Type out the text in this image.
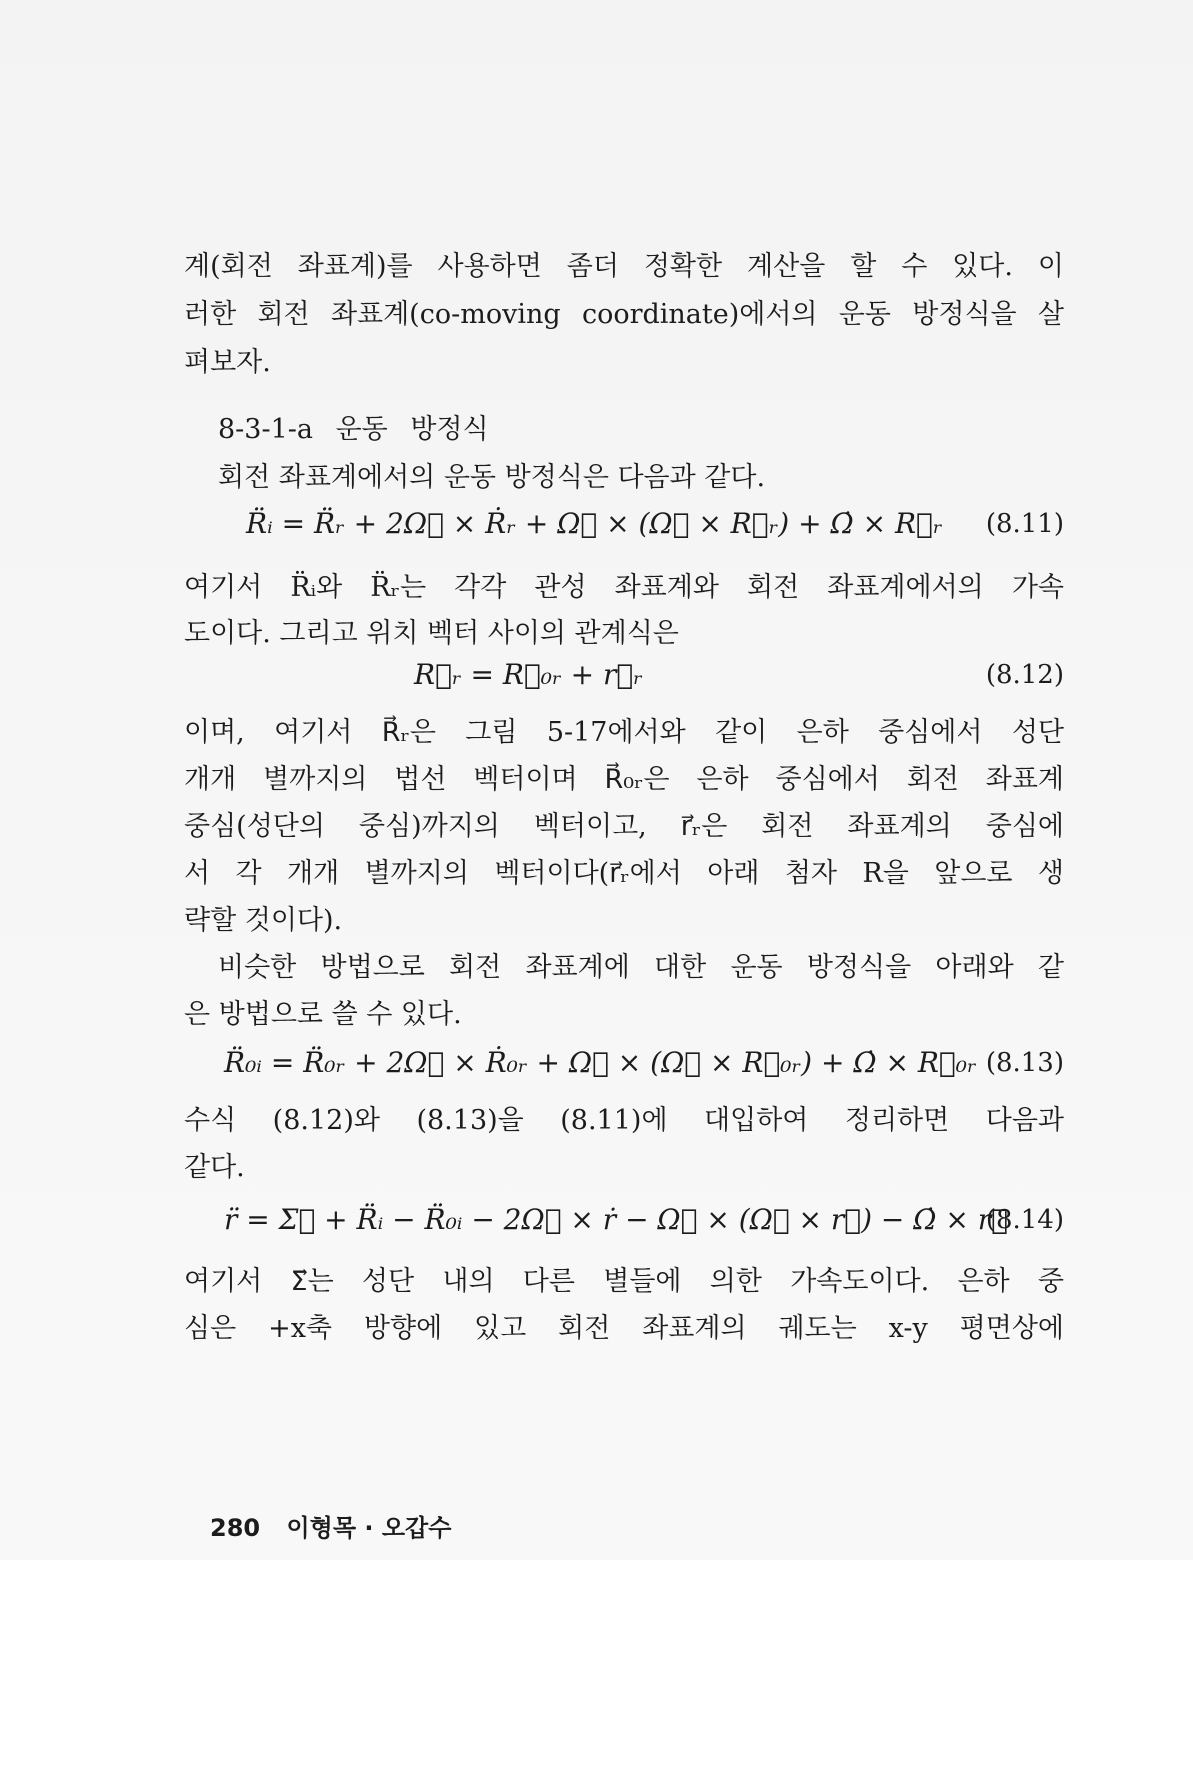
계(회전 좌표계)를 사용하면 좀더 정확한 계산을 할 수 있다. 이
러한 회전 좌표계(co-moving coordinate)에서의 운동 방정식을 살
펴보자.
8-3-1-a 운동 방정식
회전 좌표계에서의 운동 방정식은 다음과 같다.
R̈ᵢ = R̈ᵣ + 2Ω⃗ × Ṙᵣ + Ω⃗ × (Ω⃗ × R⃗ᵣ) + Ω̇ × R⃗ᵣ (8.11)
여기서 R̈ᵢ와 R̈ᵣ는 각각 관성 좌표계와 회전 좌표계에서의 가속
도이다. 그리고 위치 벡터 사이의 관계식은
R⃗ᵣ = R⃗₀ᵣ + r⃗ᵣ	(8.12)
이며, 여기서 R⃗ᵣ은 그림 5-17에서와 같이 은하 중심에서 성단
개개 별까지의 법선 벡터이며 R⃗₀ᵣ은 은하 중심에서 회전 좌표계
중심(성단의 중심)까지의 벡터이고, r⃗ᵣ은 회전 좌표계의 중심에
서 각 개개 별까지의 벡터이다(r⃗ᵣ에서 아래 첨자 R을 앞으로 생
략할 것이다).
비슷한 방법으로 회전 좌표계에 대한 운동 방정식을 아래와 같
은 방법으로 쓸 수 있다.
R̈₀ᵢ = R̈₀ᵣ + 2Ω⃗ × Ṙ₀ᵣ + Ω⃗ × (Ω⃗ × R⃗₀ᵣ) + Ω̇ × R⃗₀ᵣ (8.13)
수식 (8.12)와 (8.13)을 (8.11)에 대입하여 정리하면 다음과
같다.
r̈ = Σ⃗ + R̈ᵢ − R̈₀ᵢ − 2Ω⃗ × ṙ − Ω⃗ × (Ω⃗ × r⃗) − Ω̇ × r⃗
(8.14)
여기서 Σ⃗는 성단 내의 다른 별들에 의한 가속도이다. 은하 중
심은 +x축 방향에 있고 회전 좌표계의 궤도는 x-y 평면상에
280 이형목 · 오갑수
